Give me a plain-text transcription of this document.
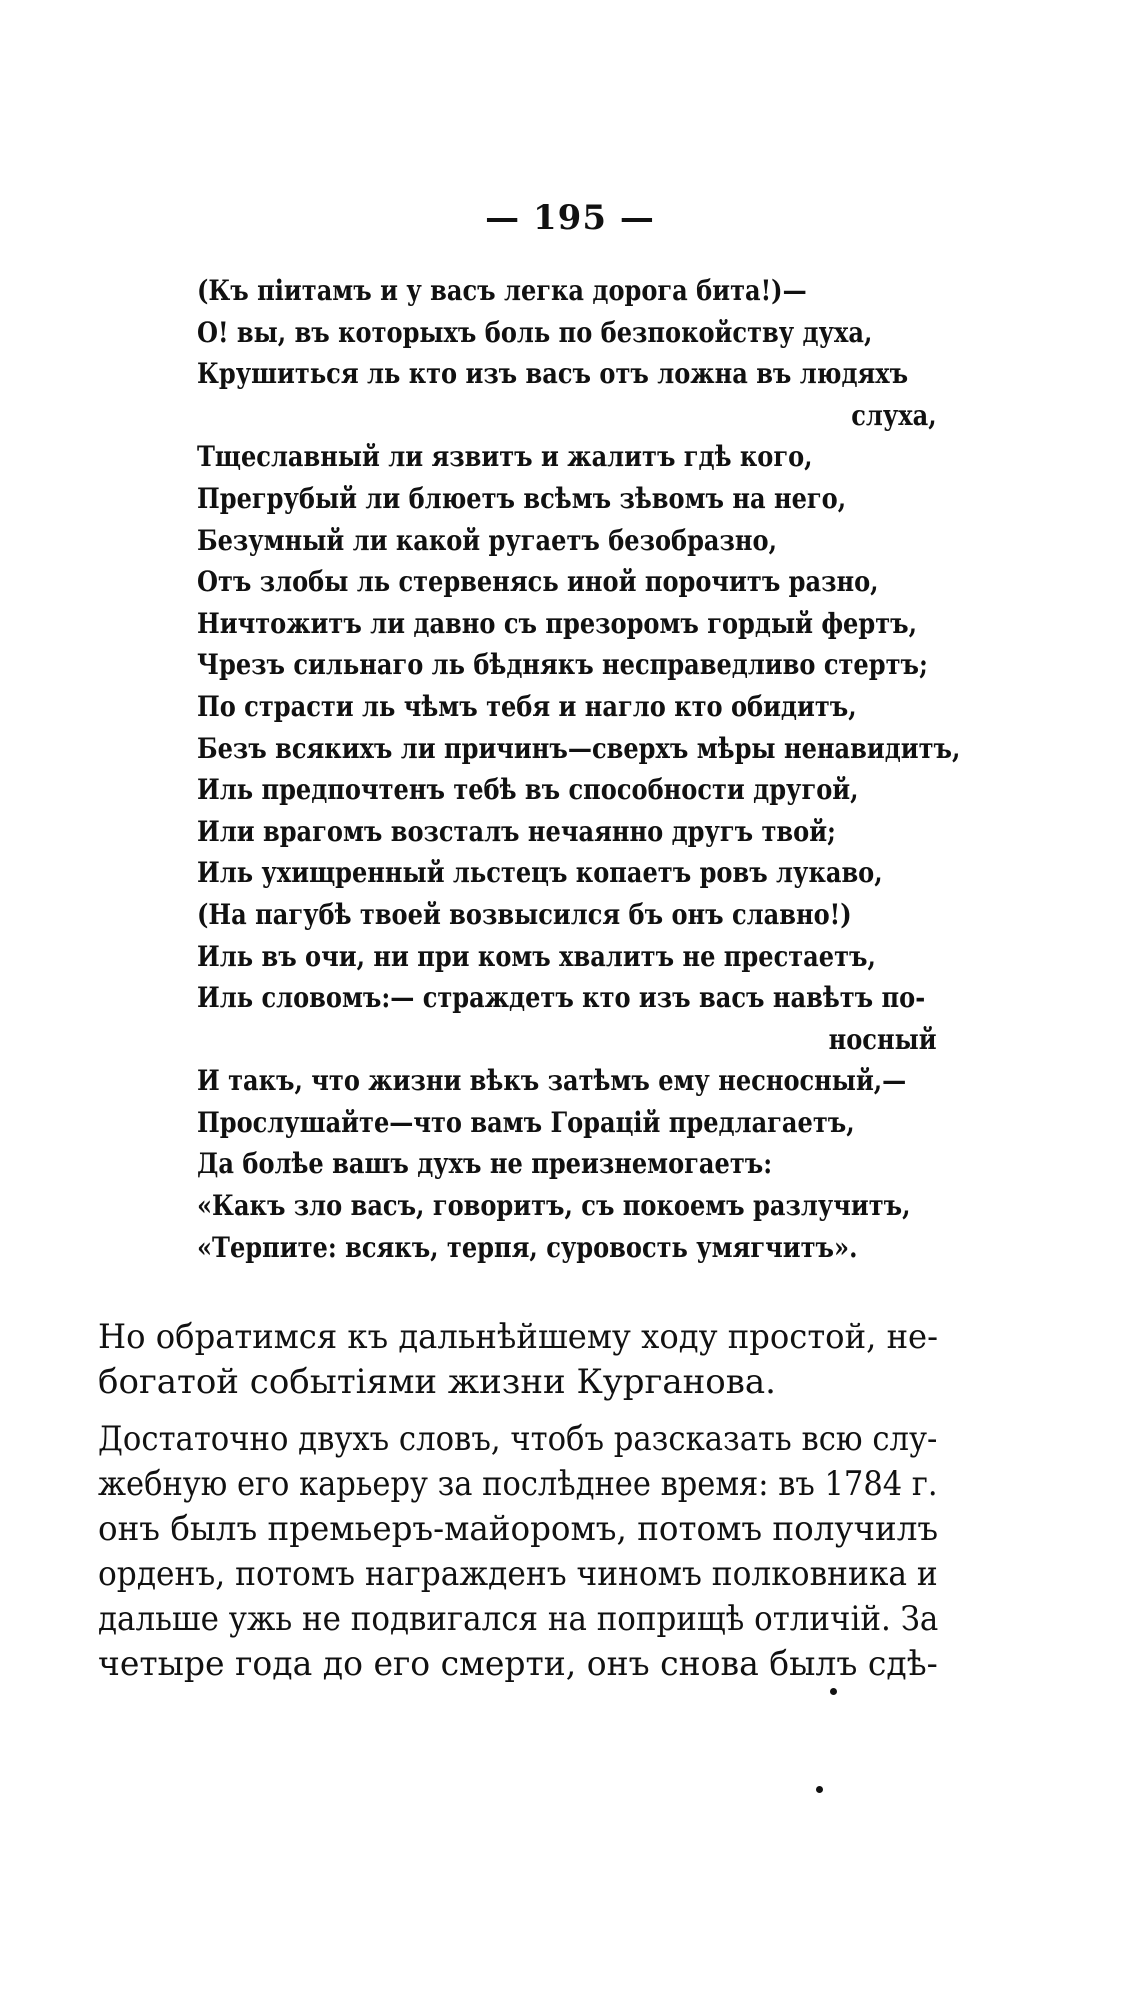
— 195 —
(Къ піитамъ и у васъ легка дорога бита!)—
О! вы, въ которыхъ боль по безпокойству духа,
Крушиться ль кто изъ васъ отъ ложна въ людяхъ
слуха,
Тщеславный ли язвитъ и жалитъ гдѣ кого,
Прегрубый ли блюетъ всѣмъ зѣвомъ на него,
Безумный ли какой ругаетъ безобразно,
Отъ злобы ль стервенясь иной порочитъ разно,
Ничтожитъ ли давно съ презоромъ гордый фертъ,
Чрезъ сильнаго ль бѣднякъ несправедливо стертъ;
По страсти ль чѣмъ тебя и нагло кто обидитъ,
Безъ всякихъ ли причинъ—сверхъ мѣры ненавидитъ,
Иль предпочтенъ тебѣ въ способности другой,
Или врагомъ возсталъ нечаянно другъ твой;
Иль ухищренный льстецъ копаетъ ровъ лукаво,
(На пагубѣ твоей возвысился бъ онъ славно!)
Иль въ очи, ни при комъ хвалитъ не престаетъ,
Иль словомъ:— страждетъ кто изъ васъ навѣтъ по-
носный
И такъ, что жизни вѣкъ затѣмъ ему несносный,—
Прослушайте—что вамъ Горацій предлагаетъ,
Да болѣе вашъ духъ не преизнемогаетъ:
«Какъ зло васъ, говоритъ, съ покоемъ разлучитъ,
«Терпите: всякъ, терпя, суровость умягчитъ».
Но обратимся къ дальнѣйшему ходу простой, не-
богатой событіями жизни Курганова.
Достаточно двухъ словъ, чтобъ разсказать всю слу-
жебную его карьеру за послѣднее время: въ 1784 г.
онъ былъ премьеръ-майоромъ, потомъ получилъ
орденъ, потомъ награжденъ чиномъ полковника и
дальше ужь не подвигался на поприщѣ отличій. За
четыре года до его смерти, онъ снова былъ сдѣ-
